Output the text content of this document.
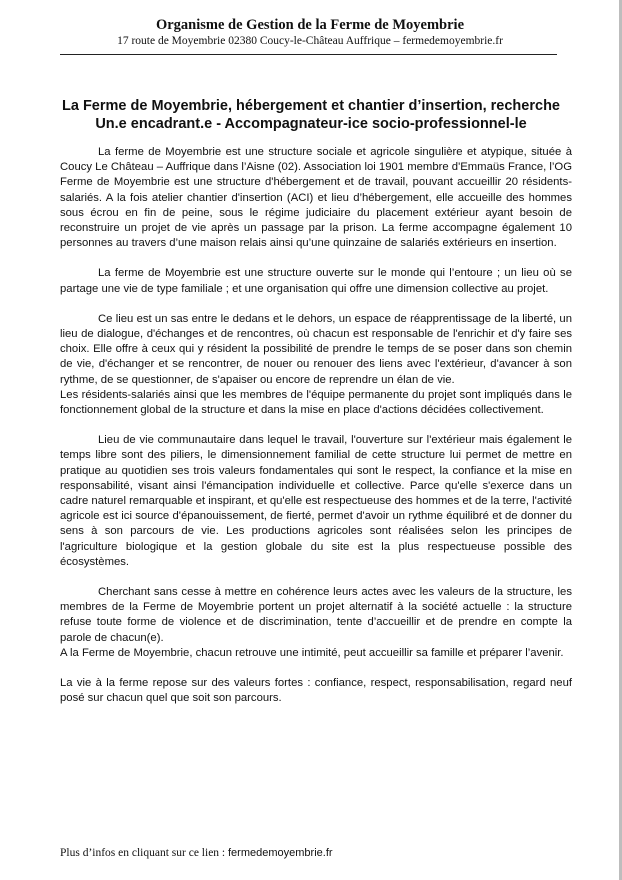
Organisme de Gestion de la Ferme de Moyembrie
17 route de Moyembrie 02380 Coucy-le-Château Auffrique – fermedemoyembrie.fr
La Ferme de Moyembrie, hébergement et chantier d’insertion, recherche
Un.e encadrant.e - Accompagnateur-ice socio-professionnel-le

La ferme de Moyembrie est une structure sociale et agricole singulière et atypique, située à Coucy Le Château – Auffrique dans l’Aisne (02). Association loi 1901 membre d'Emmaüs France, l’OG Ferme de Moyembrie est une structure d'hébergement et de travail, pouvant accueillir 20 résidents-salariés. A la fois atelier chantier d'insertion (ACI) et lieu d’hébergement, elle accueille des hommes sous écrou en fin de peine, sous le régime judiciaire du placement extérieur ayant besoin de reconstruire un projet de vie après un passage par la prison. La ferme accompagne également 10 personnes au travers d’une maison relais ainsi qu’une quinzaine de salariés extérieurs en insertion.

La ferme de Moyembrie est une structure ouverte sur le monde qui l’entoure ; un lieu où se partage une vie de type familiale ; et une organisation qui offre une dimension collective au projet.

Ce lieu est un sas entre le dedans et le dehors, un espace de réapprentissage de la liberté, un lieu de dialogue, d'échanges et de rencontres, où chacun est responsable de l'enrichir et d'y faire ses choix. Elle offre à ceux qui y résident la possibilité de prendre le temps de se poser dans son chemin de vie, d'échanger et se rencontrer, de nouer ou renouer des liens avec l'extérieur, d'avancer à son rythme, de se questionner, de s'apaiser ou encore de reprendre un élan de vie.

Les résidents-salariés ainsi que les membres de l'équipe permanente du projet sont impliqués dans le fonctionnement global de la structure et dans la mise en place d'actions décidées collectivement.

Lieu de vie communautaire dans lequel le travail, l'ouverture sur l'extérieur mais également le temps libre sont des piliers, le dimensionnement familial de cette structure lui permet de mettre en pratique au quotidien ses trois valeurs fondamentales qui sont le respect, la confiance et la mise en responsabilité, visant ainsi l'émancipation individuelle et collective. Parce qu'elle s'exerce dans un cadre naturel remarquable et inspirant, et qu'elle est respectueuse des hommes et de la terre, l'activité agricole est ici source d'épanouissement, de fierté, permet d'avoir un rythme équilibré et de donner du sens à son parcours de vie. Les productions agricoles sont réalisées selon les principes de l'agriculture biologique et la gestion globale du site est la plus respectueuse possible des écosystèmes.

Cherchant sans cesse à mettre en cohérence leurs actes avec les valeurs de la structure, les membres de la Ferme de Moyembrie portent un projet alternatif à la société actuelle : la structure refuse toute forme de violence et de discrimination, tente d’accueillir et de prendre en compte la parole de chacun(e).

A la Ferme de Moyembrie, chacun retrouve une intimité, peut accueillir sa famille et préparer l’avenir.

La vie à la ferme repose sur des valeurs fortes : confiance, respect, responsabilisation, regard neuf posé sur chacun quel que soit son parcours.

Plus d’infos en cliquant sur ce lien : fermedemoyembrie.fr
